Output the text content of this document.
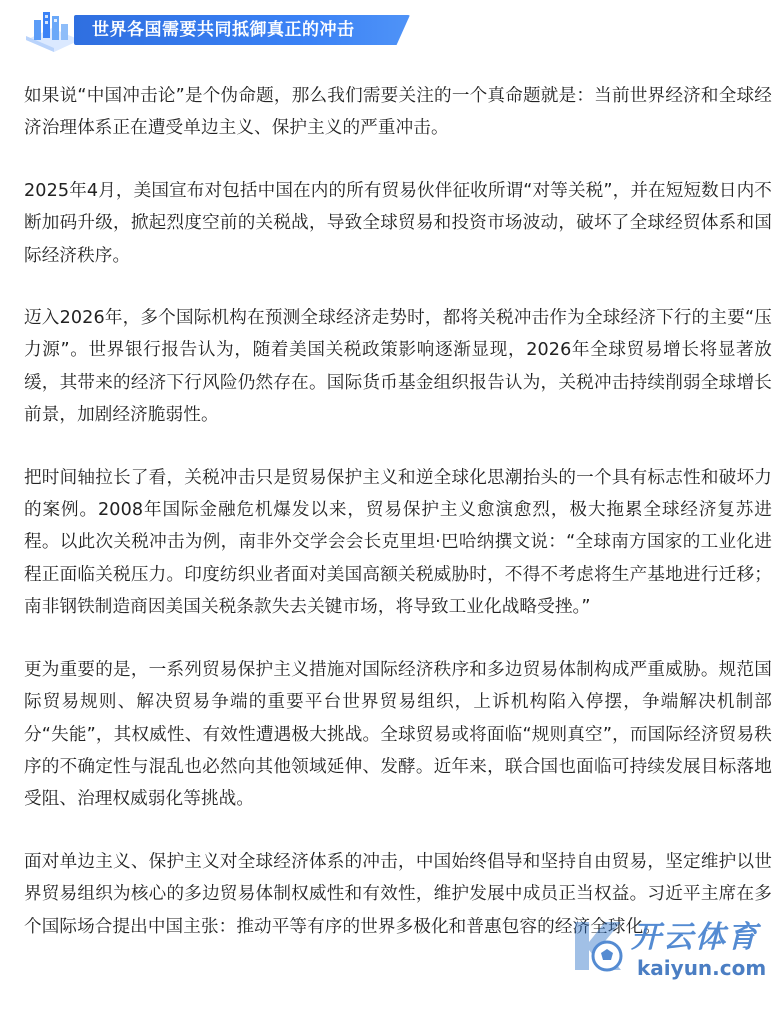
世界各国需要共同抵御真正的冲击

如果说“中国冲击论”是个伪命题，那么我们需要关注的一个真命题就是：当前世界经济和全球经济治理体系正在遭受单边主义、保护主义的严重冲击。

2025年4月，美国宣布对包括中国在内的所有贸易伙伴征收所谓“对等关税”，并在短短数日内不断加码升级，掀起烈度空前的关税战，导致全球贸易和投资市场波动，破坏了全球经贸体系和国际经济秩序。

迈入2026年，多个国际机构在预测全球经济走势时，都将关税冲击作为全球经济下行的主要“压力源”。世界银行报告认为，随着美国关税政策影响逐渐显现，2026年全球贸易增长将显著放缓，其带来的经济下行风险仍然存在。国际货币基金组织报告认为，关税冲击持续削弱全球增长前景，加剧经济脆弱性。

把时间轴拉长了看，关税冲击只是贸易保护主义和逆全球化思潮抬头的一个具有标志性和破坏力的案例。2008年国际金融危机爆发以来，贸易保护主义愈演愈烈，极大拖累全球经济复苏进程。以此次关税冲击为例，南非外交学会会长克里坦·巴哈纳撰文说：“全球南方国家的工业化进程正面临关税压力。印度纺织业者面对美国高额关税威胁时，不得不考虑将生产基地进行迁移；南非钢铁制造商因美国关税条款失去关键市场，将导致工业化战略受挫。”

更为重要的是，一系列贸易保护主义措施对国际经济秩序和多边贸易体制构成严重威胁。规范国际贸易规则、解决贸易争端的重要平台世界贸易组织，上诉机构陷入停摆，争端解决机制部分“失能”，其权威性、有效性遭遇极大挑战。全球贸易或将面临“规则真空”，而国际经济贸易秩序的不确定性与混乱也必然向其他领域延伸、发酵。近年来，联合国也面临可持续发展目标落地受阻、治理权威弱化等挑战。

面对单边主义、保护主义对全球经济体系的冲击，中国始终倡导和坚持自由贸易，坚定维护以世界贸易组织为核心的多边贸易体制权威性和有效性，维护发展中成员正当权益。习近平主席在多个国际场合提出中国主张：推动平等有序的世界多极化和普惠包容的经济全球化。

开云体育
kaiyun.com
